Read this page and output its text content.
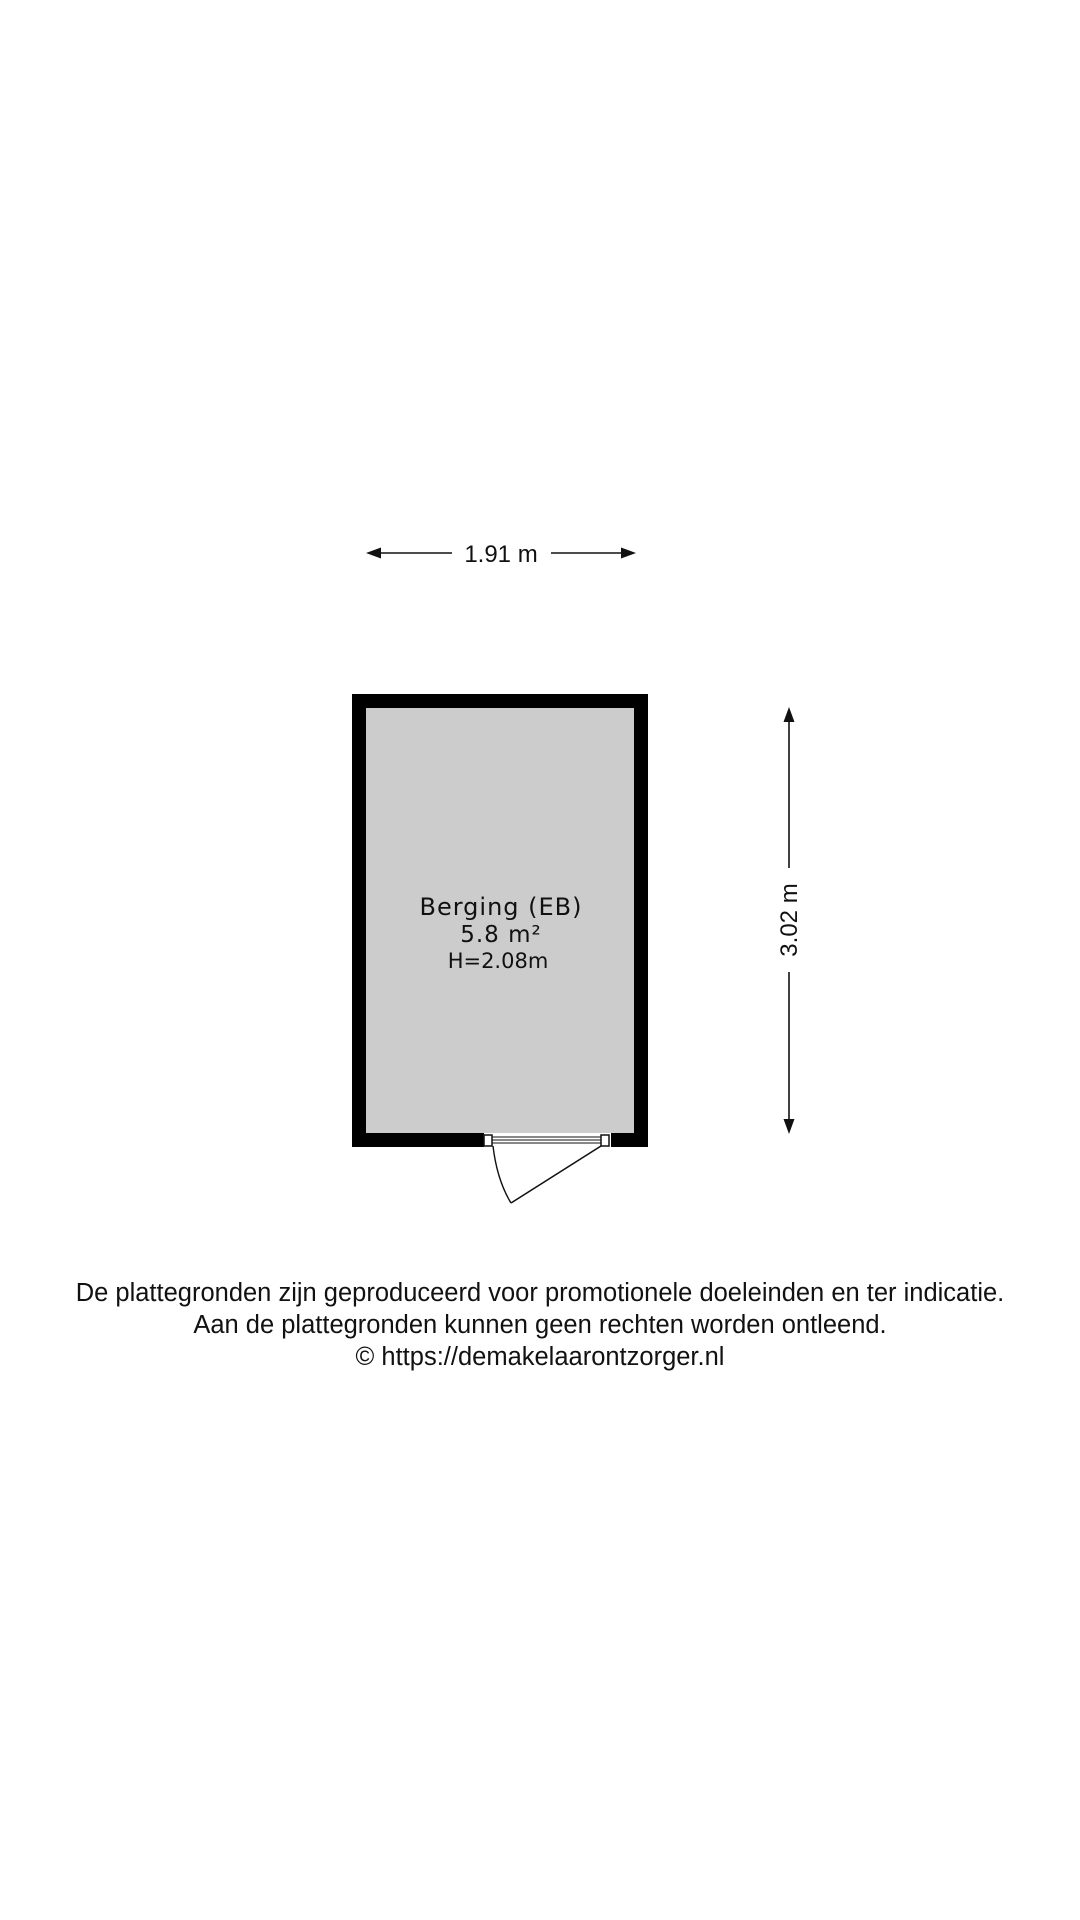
1.91 m
3.02 m
Berging (EB)
5.8 m²
H=2.08m
De plattegronden zijn geproduceerd voor promotionele doeleinden en ter indicatie.
Aan de plattegronden kunnen geen rechten worden ontleend.
© https://demakelaarontzorger.nl
